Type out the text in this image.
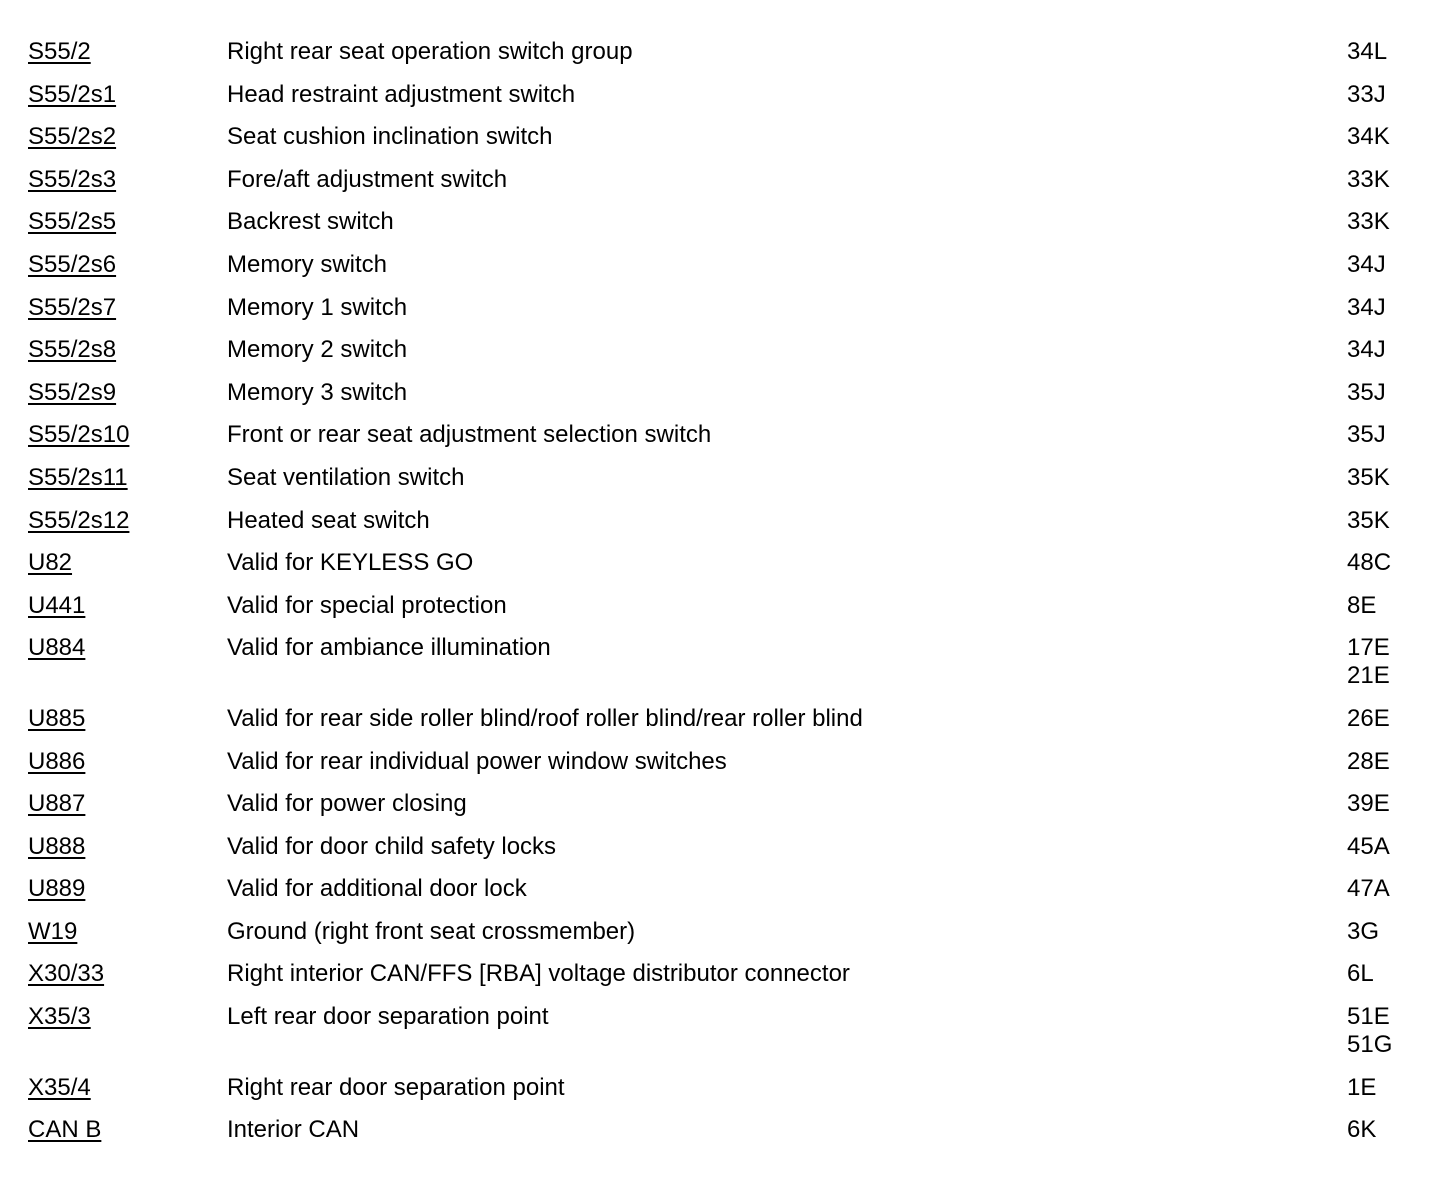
S55/2	Right rear seat operation switch group	34L
S55/2s1	Head restraint adjustment switch	33J
S55/2s2	Seat cushion inclination switch	34K
S55/2s3	Fore/aft adjustment switch	33K
S55/2s5	Backrest switch	33K
S55/2s6	Memory switch	34J
S55/2s7	Memory 1 switch	34J
S55/2s8	Memory 2 switch	34J
S55/2s9	Memory 3 switch	35J
S55/2s10	Front or rear seat adjustment selection switch	35J
S55/2s11	Seat ventilation switch	35K
S55/2s12	Heated seat switch	35K
U82	Valid for KEYLESS GO	48C
U441	Valid for special protection	8E
U884	Valid for ambiance illumination	17E
21E
U885	Valid for rear side roller blind/roof roller blind/rear roller blind	26E
U886	Valid for rear individual power window switches	28E
U887	Valid for power closing	39E
U888	Valid for door child safety locks	45A
U889	Valid for additional door lock	47A
W19	Ground (right front seat crossmember)	3G
X30/33	Right interior CAN/FFS [RBA] voltage distributor connector	6L
X35/3	Left rear door separation point	51E
51G
X35/4	Right rear door separation point	1E
CAN B	Interior CAN	6K
